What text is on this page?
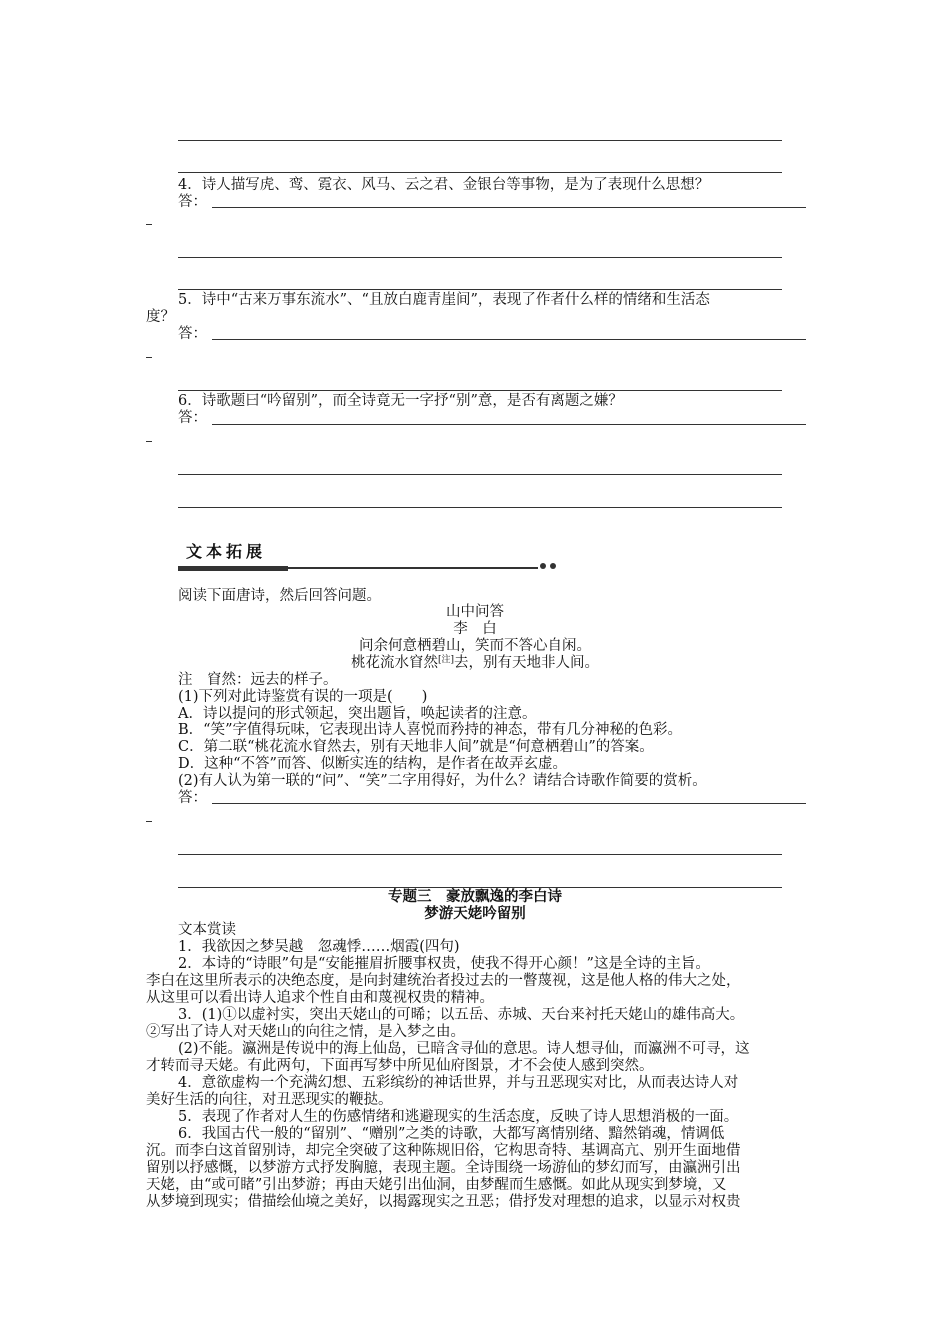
4．诗人描写虎、鸾、霓衣、风马、云之君、金银台等事物，是为了表现什么思想？
答：
5．诗中“古来万事东流水”、“且放白鹿青崖间”，表现了作者什么样的情绪和生活态
度？
答：
6．诗歌题曰“吟留别”，而全诗竟无一字抒“别”意，是否有离题之嫌？
答：
文本拓展
阅读下面唐诗，然后回答问题。
山中问答
李　白
问余何意栖碧山，笑而不答心自闲。
桃花流水窅然[注]去，别有天地非人间。
注　窅然：远去的样子。
(1)下列对此诗鉴赏有误的一项是(　　)
A．诗以提问的形式领起，突出题旨，唤起读者的注意。
B．“笑”字值得玩味，它表现出诗人喜悦而矜持的神态，带有几分神秘的色彩。
C．第二联“桃花流水窅然去，别有天地非人间”就是“何意栖碧山”的答案。
D．这种“不答”而答、似断实连的结构，是作者在故弄玄虚。
(2)有人认为第一联的“问”、“笑”二字用得好，为什么？请结合诗歌作简要的赏析。
答：
专题三　豪放飘逸的李白诗
梦游天姥吟留别
文本赏读
1．我欲因之梦吴越　忽魂悸……烟霞(四句)
2．本诗的“诗眼”句是“安能摧眉折腰事权贵，使我不得开心颜！”这是全诗的主旨。
李白在这里所表示的决绝态度，是向封建统治者投过去的一瞥蔑视，这是他人格的伟大之处，
从这里可以看出诗人追求个性自由和蔑视权贵的精神。
3．(1)①以虚衬实，突出天姥山的可晞；以五岳、赤城、天台来衬托天姥山的雄伟高大。
②写出了诗人对天姥山的向往之情，是入梦之由。
(2)不能。瀛洲是传说中的海上仙岛，已暗含寻仙的意思。诗人想寻仙，而瀛洲不可寻，这
才转而寻天姥。有此两句，下面再写梦中所见仙府图景，才不会使人感到突然。
4．意欲虚构一个充满幻想、五彩缤纷的神话世界，并与丑恶现实对比，从而表达诗人对
美好生活的向往，对丑恶现实的鞭挞。
5．表现了作者对人生的伤感情绪和逃避现实的生活态度，反映了诗人思想消极的一面。
6．我国古代一般的“留别”、“赠别”之类的诗歌，大都写离情别绪、黯然销魂，情调低
沉。而李白这首留别诗，却完全突破了这种陈规旧俗，它构思奇特、基调高亢、别开生面地借
留别以抒感慨，以梦游方式抒发胸臆，表现主题。全诗围绕一场游仙的梦幻而写，由瀛洲引出
天姥，由“或可睹”引出梦游；再由天姥引出仙洞，由梦醒而生感慨。如此从现实到梦境，又
从梦境到现实；借描绘仙境之美好，以揭露现实之丑恶；借抒发对理想的追求，以显示对权贵
